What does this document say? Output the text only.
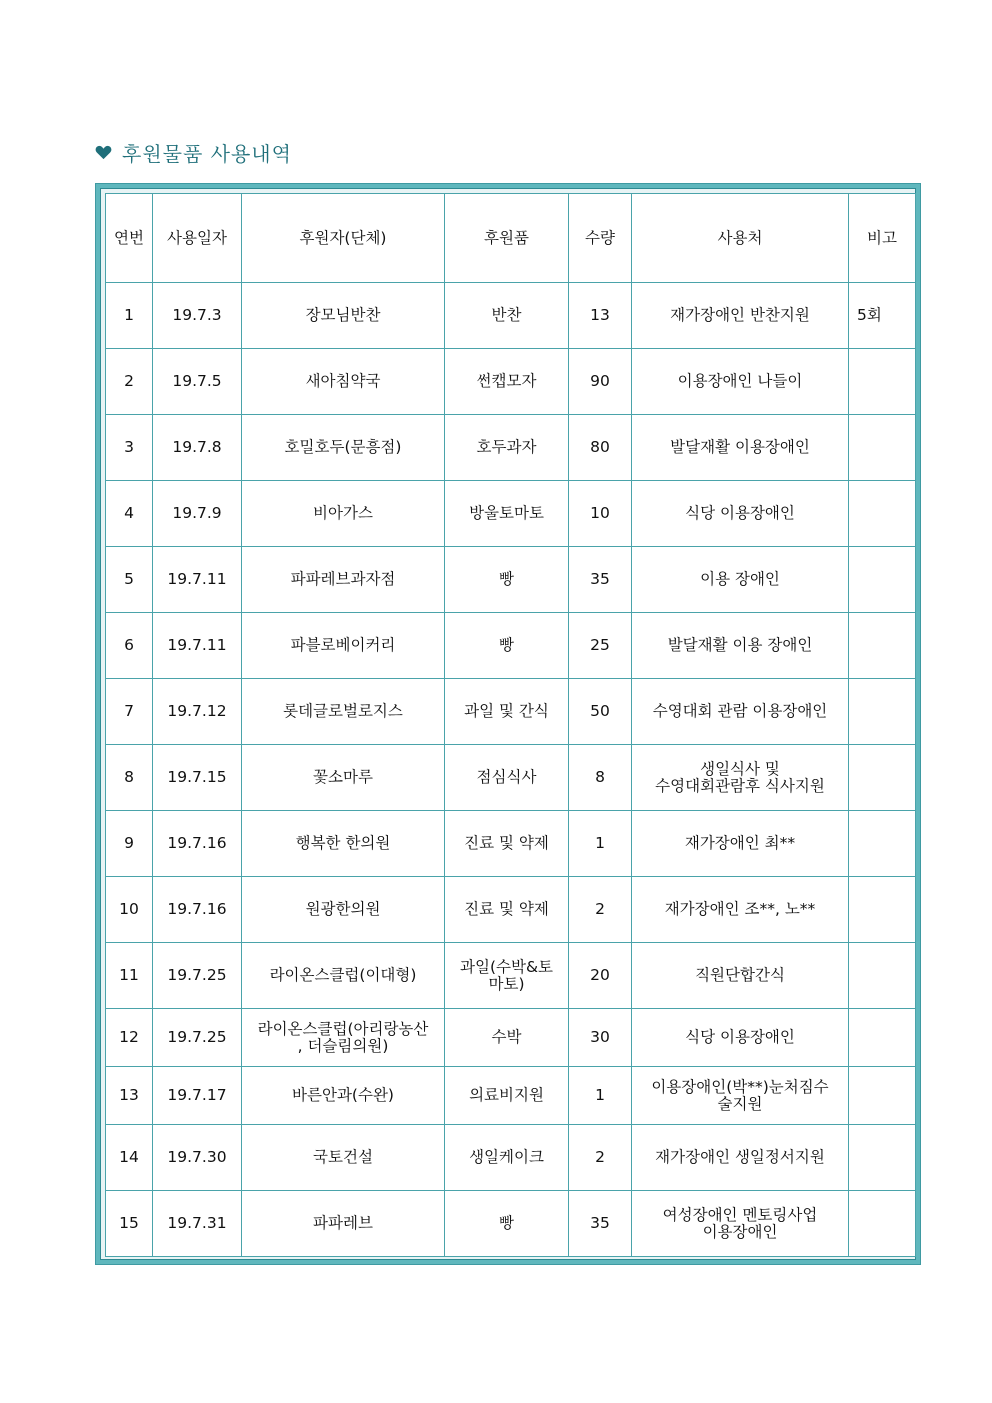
후원물품 사용내역
연번	사용일자	후원자(단체)	후원품	수량	사용처	비고
1	19.7.3	장모님반찬	반찬	13	재가장애인 반찬지원	5회
2	19.7.5	새아침약국	썬캡모자	90	이용장애인 나들이	
3	19.7.8	호밀호두(문흥점)	호두과자	80	발달재활 이용장애인	
4	19.7.9	비아가스	방울토마토	10	식당 이용장애인	
5	19.7.11	파파레브과자점	빵	35	이용 장애인	
6	19.7.11	파블로베이커리	빵	25	발달재활 이용 장애인	
7	19.7.12	롯데글로벌로지스	과일 및 간식	50	수영대회 관람 이용장애인	
8	19.7.15	꽃소마루	점심식사	8	생일식사 및
수영대회관람후 식사지원	

9	19.7.16	행복한 한의원	진료 및 약제	1	재가장애인 최**	
10	19.7.16	원광한의원	진료 및 약제	2	재가장애인 조**, 노**	
11	19.7.25	라이온스클럽(이대형)	과일(수박&토
마토)	20	직원단합간식	
12	19.7.25	라이온스클럽(아리랑농산
, 더슬림의원)	수박	30	식당 이용장애인	
13	19.7.17	바른안과(수완)	의료비지원	1	이용장애인(박**)눈처짐수
술지원	

14	19.7.30	국토건설	생일케이크	2	재가장애인 생일정서지원	
15	19.7.31	파파레브	빵	35	여성장애인 멘토링사업
이용장애인	
